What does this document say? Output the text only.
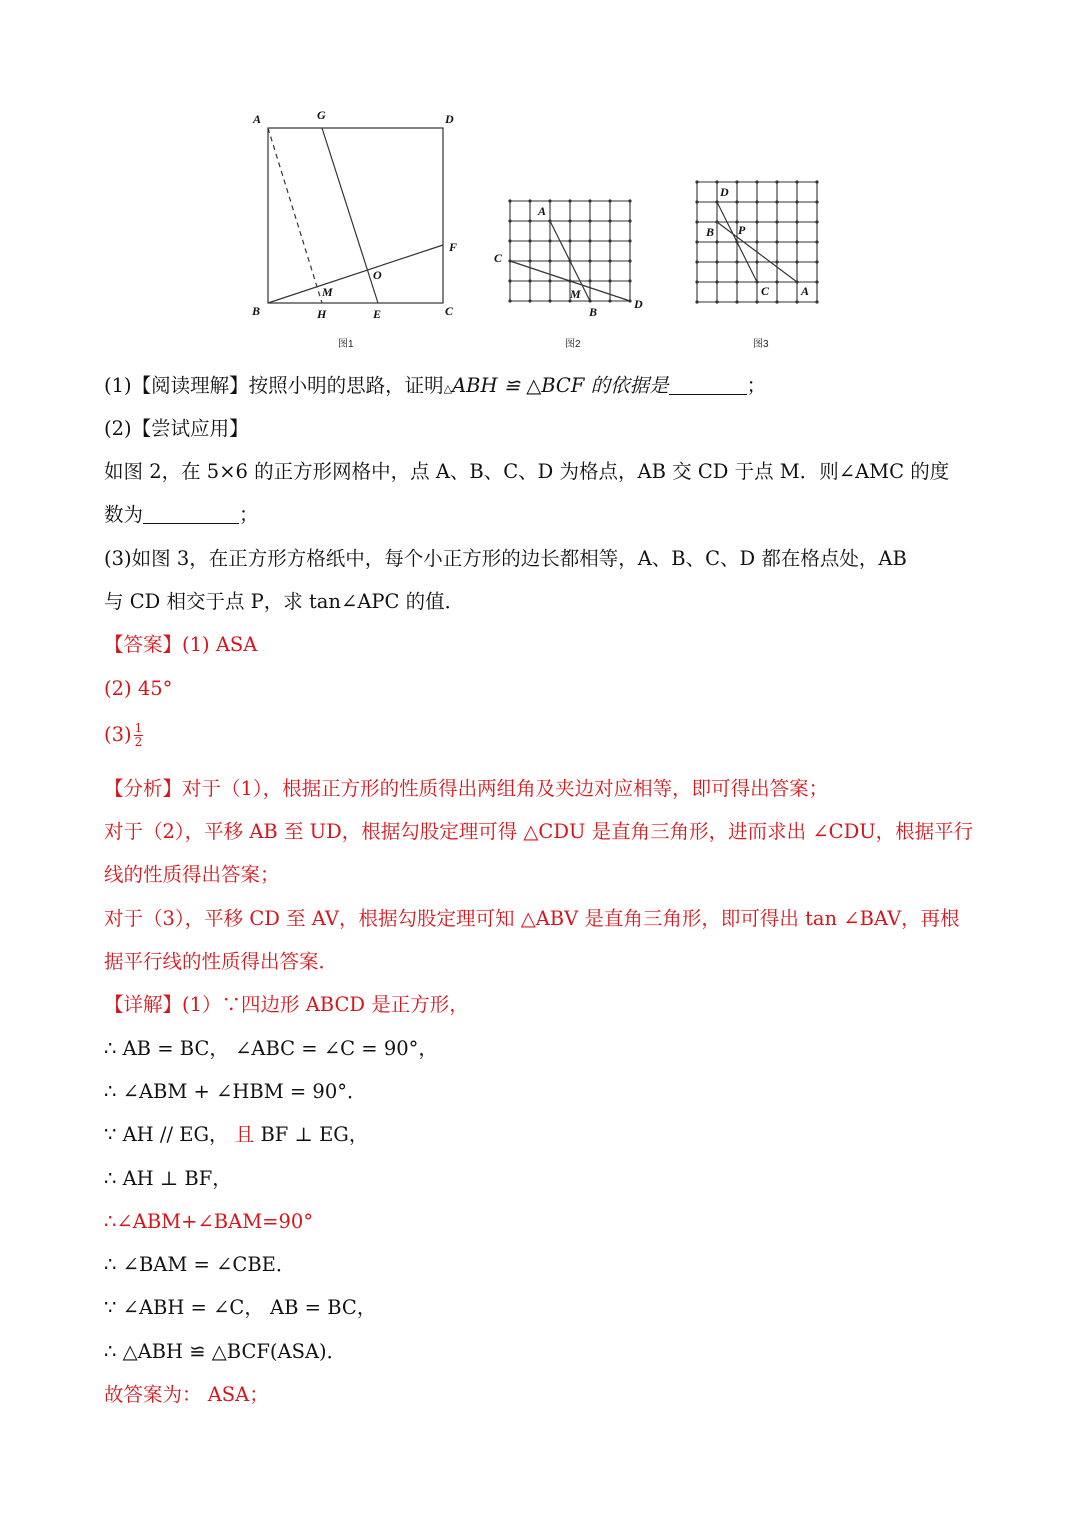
A	G	D
F
O
M
B	H	E	C
图1
A
C
M
B
D
图2
D
B P
C	A
图3
(1)【阅读理解】按照小明的思路，证明△ABH ≌ △BCF 的依据是	；
(2)【尝试应用】
如图 2，在 5×6 的正方形网格中，点 A、B、C、D 为格点，AB 交 CD 于点 M．则∠AMC 的度
数为	；
(3)如图 3，在正方形方格纸中，每个小正方形的边长都相等，A、B、C、D 都在格点处，AB
与 CD 相交于点 P，求 tan∠APC 的值．
【答案】(1) ASA
(2) 45°
$(3) \frac{1}{2}$
【分析】对于（1），根据正方形的性质得出两组角及夹边对应相等，即可得出答案；
对于（2），平移 AB 至 UD，根据勾股定理可得 △CDU 是直角三角形，进而求出 ∠CDU，根据平行
线的性质得出答案；
对于（3），平移 CD 至 AV，根据勾股定理可知 △ABV 是直角三角形，即可得出 tan ∠BAV，再根
据平行线的性质得出答案．
【详解】(1）∵四边形 ABCD 是正方形，
∴ AB = BC， ∠ABC = ∠C = 90°，
∴ ∠ABM + ∠HBM = 90°．
∵ AH // EG， 且 BF ⊥ EG，
∴ AH ⊥ BF，
∴∠ABM+∠BAM=90°
∴ ∠BAM = ∠CBE．
∵ ∠ABH = ∠C， AB = BC，
∴ △ABH ≌ △BCF(ASA)．
故答案为： ASA；
